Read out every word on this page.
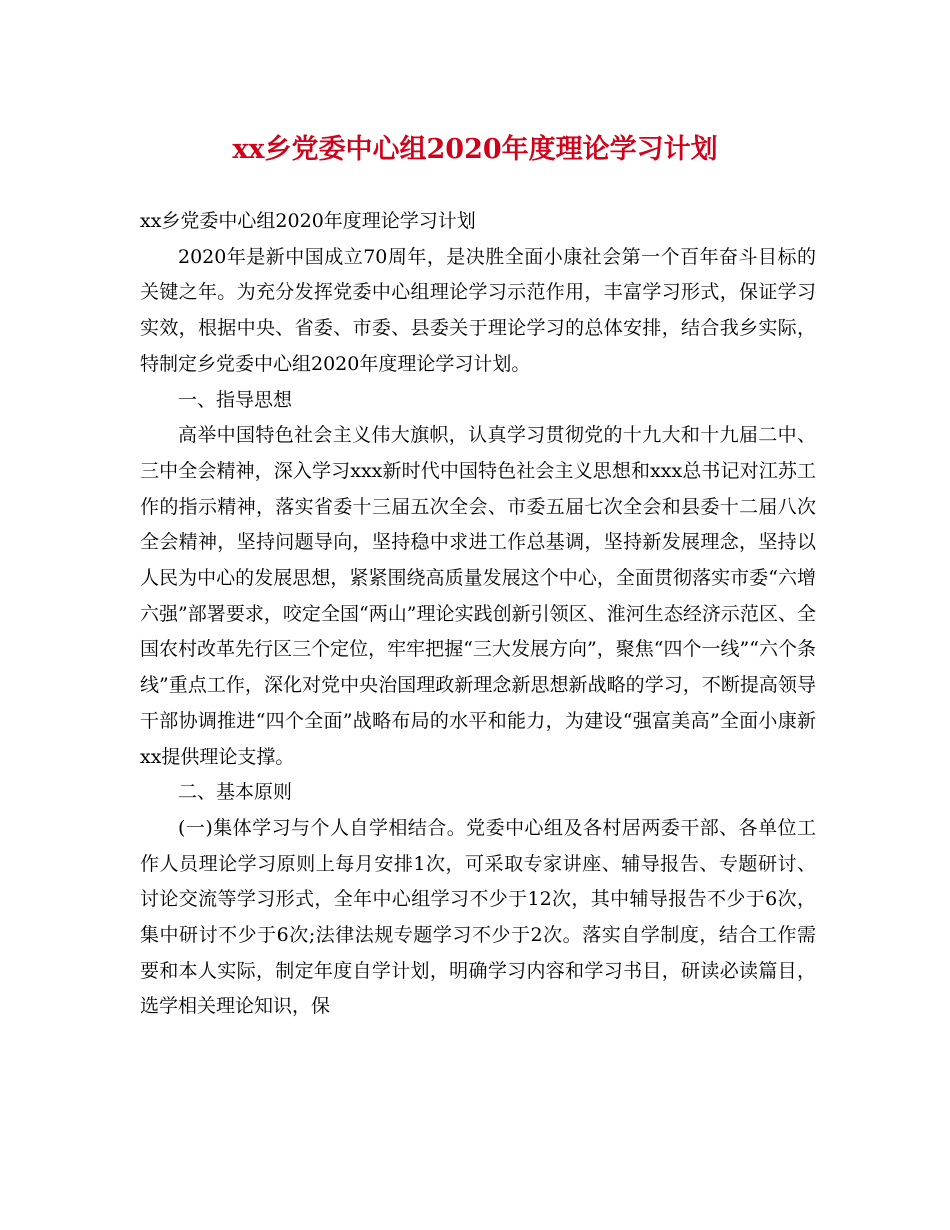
xx乡党委中心组2020年度理论学习计划

xx乡党委中心组2020年度理论学习计划

2020年是新中国成立70周年，是决胜全面小康社会第一个百年奋斗目标的关键之年。为充分发挥党委中心组理论学习示范作用，丰富学习形式，保证学习实效，根据中央、省委、市委、县委关于理论学习的总体安排，结合我乡实际，特制定乡党委中心组2020年度理论学习计划。

一、指导思想

高举中国特色社会主义伟大旗帜，认真学习贯彻党的十九大和十九届二中、三中全会精神，深入学习xxx新时代中国特色社会主义思想和xxx总书记对江苏工作的指示精神，落实省委十三届五次全会、市委五届七次全会和县委十二届八次全会精神，坚持问题导向，坚持稳中求进工作总基调，坚持新发展理念，坚持以人民为中心的发展思想，紧紧围绕高质量发展这个中心，全面贯彻落实市委“六增六强”部署要求，咬定全国“两山”理论实践创新引领区、淮河生态经济示范区、全国农村改革先行区三个定位，牢牢把握“三大发展方向”，聚焦“四个一线”“六个条线”重点工作，深化对党中央治国理政新理念新思想新战略的学习，不断提高领导干部协调推进“四个全面”战略布局的水平和能力，为建设“强富美高”全面小康新xx提供理论支撑。

二、基本原则

(一)集体学习与个人自学相结合。党委中心组及各村居两委干部、各单位工作人员理论学习原则上每月安排1次，可采取专家讲座、辅导报告、专题研讨、讨论交流等学习形式，全年中心组学习不少于12次，其中辅导报告不少于6次，集中研讨不少于6次;法律法规专题学习不少于2次。落实自学制度，结合工作需要和本人实际，制定年度自学计划，明确学习内容和学习书目，研读必读篇目，选学相关理论知识，保
